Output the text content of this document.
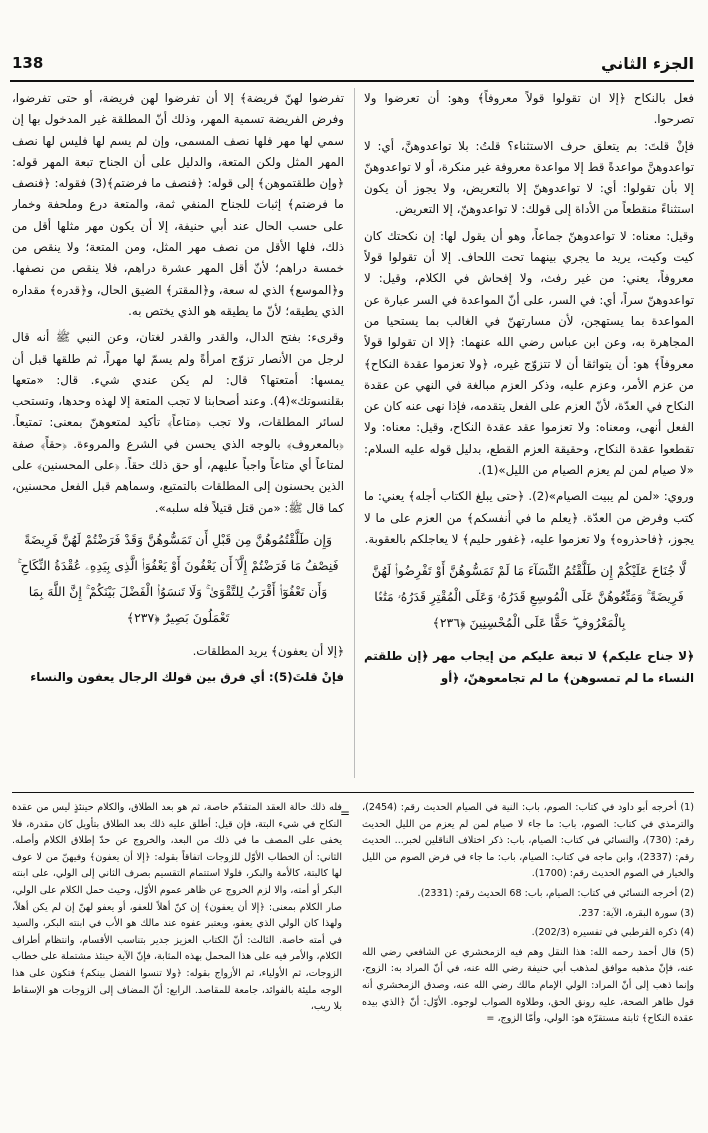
138	الجزء الثاني

فعل بالنكاح ﴿إلا ان تقولوا قولاً معروفاً﴾ وهو: أن تعرضوا ولا تصرحوا.

فإنْ قلتَ: بم يتعلق حرف الاستثناء؟ قلتُ: بلا تواعدوهنَّ، أي: لا تواعدوهنَّ مواعدةً قط إلا مواعدة معروفة غير منكرة، أو لا تواعدوهنّ إلا بأن تقولوا: أي: لا تواعدوهنّ إلا بالتعريض، ولا يجوز أن يكون استثناءً منقطعاً من الأداة إلى قولك: لا تواعدوهنّ، إلا التعريض.

وقيل: معناه: لا تواعدوهنّ جماعاً، وهو أن يقول لها: إن نكحتك كان كيت وكيت، يريد ما يجري بينهما تحت اللحاف. إلا أن تقولوا قولاً معروفاً، يعني: من غير رفث، ولا إفحاش في الكلام، وقيل: لا تواعدوهنّ سراً، أي: في السر، على أنّ المواعدة في السر عبارة عن المواعدة بما يستهجن، لأن مسارتهنّ في الغالب بما يستحيا من المجاهرة به، وعن ابن عباس رضي الله عنهما: ﴿إلا ان تقولوا قولاً معروفاً﴾ هو: أن يتواثقا أن لا تتزوّج غيره، ﴿ولا تعزموا عقدة النكاح﴾ من عزم الأمر، وعزم عليه، وذكر العزم مبالغة في النهي عن عقدة النكاح في العدّة، لأنّ العزم على الفعل يتقدمه، فإذا نهى عنه كان عن الفعل أنهى، ومعناه: ولا تعزموا عقد عقدة النكاح، وقيل: معناه: ولا تقطعوا عقدة النكاح، وحقيقة العزم القطع، بدليل قوله عليه السلام: «لا صيام لمن لم يعزم الصيام من الليل»(1).

وروي: «لمن لم يبيت الصيام»(2). ﴿حتى يبلغ الكتاب أجله﴾ يعني: ما كتب وفرض من العدّة. ﴿يعلم ما في أنفسكم﴾ من العزم على ما لا يجوز، ﴿فاحذروه﴾ ولا تعزموا عليه، ﴿غفور حليم﴾ لا يعاجلكم بالعقوبة.

لَّا جُنَاحَ عَلَيْكُمْ إِن طَلَّقْتُمُ النِّسَآءَ مَا لَمْ تَمَسُّوهُنَّ أَوْ تَفْرِضُوا۟ لَهُنَّ فَرِيضَةً ۚ وَمَتِّعُوهُنَّ عَلَى الْمُوسِعِ قَدَرُهُۥ وَعَلَى الْمُقْتِرِ قَدَرُهُۥ مَتَٰعًۢا بِالْمَعْرُوفِ ۖ حَقًّا عَلَى الْمُحْسِنِينَ ﴿٢٣٦﴾

﴿لا جناح عليكم﴾ لا تبعة عليكم من إيجاب مهر ﴿إن طلقتم النساء ما لم تمسوهن﴾ ما لم تجامعوهنّ، ﴿أو

تفرضوا لهنّ فريضة﴾ إلا أن تفرضوا لهن فريضة، أو حتى تفرضوا، وفرض الفريضة تسمية المهر، وذلك أنّ المطلقة غير المدخول بها إن سمي لها مهر فلها نصف المسمى، وإن لم يسم لها فليس لها نصف المهر المثل ولكن المتعة، والدليل على أن الجناح تبعة المهر قوله: ﴿وإن طلقتموهن﴾ إلى قوله: ﴿فنصف ما فرضتم﴾(3) فقوله: ﴿فنصف ما فرضتم﴾ إثبات للجناح المنفي ثمة، والمتعة درع وملحفة وخمار على حسب الحال عند أبي حنيفة، إلا أن يكون مهر مثلها أقل من ذلك، فلها الأقل من نصف مهر المثل، ومن المتعة؛ ولا ينقص من خمسة دراهم؛ لأنّ أقل المهر عشرة دراهم، فلا ينقص من نصفها. و﴿الموسع﴾ الذي له سعة، و﴿المقتر﴾ الضيق الحال، و﴿قدره﴾ مقداره الذي يطيقه؛ لأنّ ما يطيقه هو الذي يختص به.

وقرىء: بفتح الدال، والقدر والقدر لغتان، وعن النبي ﷺ أنه قال لرجل من الأنصار تزوّج امرأةً ولم يسمّ لها مهراً، ثم طلقها قبل أن يمسها: أمتعتها؟ قال: لم يكن عندي شيء. قال: «متعها بقلنسوتك»(4). وعند أصحابنا لا تجب المتعة إلا لهذه وحدها، وتستحب لسائر المطلقات، ولا تجب ﴿متاعاً﴾ تأكيد لمتعوهنّ بمعنى: تمتيعاً. ﴿بالمعروف﴾ بالوجه الذي يحسن في الشرع والمروءة. ﴿حقاً﴾ صفة لمتاعاً أي متاعاً واجباً عليهم، أو حق ذلك حقاً. ﴿على المحسنين﴾ على الذين يحسنون إلى المطلقات بالتمتيع، وسماهم قبل الفعل محسنين، كما قال ﷺ: «من قتل قتيلاً فله سلبه».

وَإِن طَلَّقْتُمُوهُنَّ مِن قَبْلِ أَن تَمَسُّوهُنَّ وَقَدْ فَرَضْتُمْ لَهُنَّ فَرِيضَةً فَنِصْفُ مَا فَرَضْتُمْ إِلَّآ أَن يَعْفُونَ أَوْ يَعْفُوَا۟ الَّذِى بِيَدِهِۦ عُقْدَةُ النِّكَاحِ ۚ وَأَن تَعْفُوٓا۟ أَقْرَبُ لِلتَّقْوَىٰ ۚ وَلَا تَنسَوُا۟ الْفَضْلَ بَيْنَكُمْ ۚ إِنَّ اللَّهَ بِمَا تَعْمَلُونَ بَصِيرٌ ﴿٢٣٧﴾

﴿إلا أن يعفون﴾ يريد المطلقات.

فإنْ قلتَ(5): أي فرق بين قولك الرجال يعفون والنساء

(1) أخرجه أبو داود في كتاب: الصوم، باب: النية في الصيام الحديث رقم: (2454)، والترمذي في كتاب: الصوم، باب: ما جاء لا صيام لمن لم يعزم من الليل الحديث رقم: (730)، والنسائي في كتاب: الصيام، باب: ذكر اختلاف الناقلين لخبر... الحديث رقم: (2337)، وابن ماجه في كتاب: الصيام، باب: ما جاء في فرض الصوم من الليل والخيار في الصوم الحديث رقم: (1700).

(2) أخرجه النسائي في كتاب: الصيام، باب: 68 الحديث رقم: (2331).

(3) سورة البقرة، الآية: 237.

(4) ذكره القرطبي في تفسيره (202/3).

(5) قال أحمد رحمه الله: هذا النقل وهم فيه الزمخشري عن الشافعي رضي الله عنه، فإنّ مذهبه موافق لمذهب أبي حنيفة رضي الله عنه، في أنّ المراد به: الزوج، وإنما ذهب إلى أنّ المراد: الولي الإمام مالك رضي الله عنه، وصدق الزمخشري أنه قول ظاهر الصحة، عليه رونق الحق، وطلاوة الصواب لوجوه. الأوّل: أنّ ﴿الذي بيده عقدة النكاح﴾ ثابتة مستقرّة هو: الولي، وأمّا الزوج، =

=

فله ذلك حالة العقد المتقدّم خاصة، ثم هو بعد الطلاق، والكلام حينئذٍ ليس من عقدة النكاح في شيء البتة، فإن قيل: أطلق عليه ذلك بعد الطلاق بتأويل كان مقدرة، فلا يخفى على المصف ما في ذلك من البعد، والخروج عن حدّ إطلاق الكلام وأصله. الثاني: أن الخطاب الأوّل للزوجات اتفاقاً بقوله: ﴿إلا أن يعفون﴾ وفيهنّ من لا عوف لها كالبتة، كالأمة والبكر، فلولا استتمام التقسيم بصرف الثاني إلى الولي، على ابنته البكر أو أمته، والا لزم الخروج عن ظاهر عموم الأوّل، وحيث حمل الكلام على الولي، صار الكلام بمعنى: ﴿إلا أن يعفون﴾ إن كنّ أهلاً للعفو، أو يعفو لهنّ إن لم يكن أهلاً، ولهذا كان الولي الذي يعفو، ويعتبر عفوه عند مالك هو الأب في ابنته البكر، والسيد في أمته خاصة. الثالث: أنّ الكتاب العزيز جدير بتناسب الأقسام، وانتظام أطراف الكلام، والأمر فيه على هذا المحمل بهذه المثابة، فإنّ الآية حينئذ مشتملة على خطاب الزوجات، ثم الأولياء، ثم الأزواج بقوله: ﴿ولا تنسوا الفضل بينكم﴾ فتكون على هذا الوجه مليئة بالفوائد، جامعة للمقاصد. الرابع: أنّ المضاف إلى الزوجات هو الإسقاط بلا ريب،
